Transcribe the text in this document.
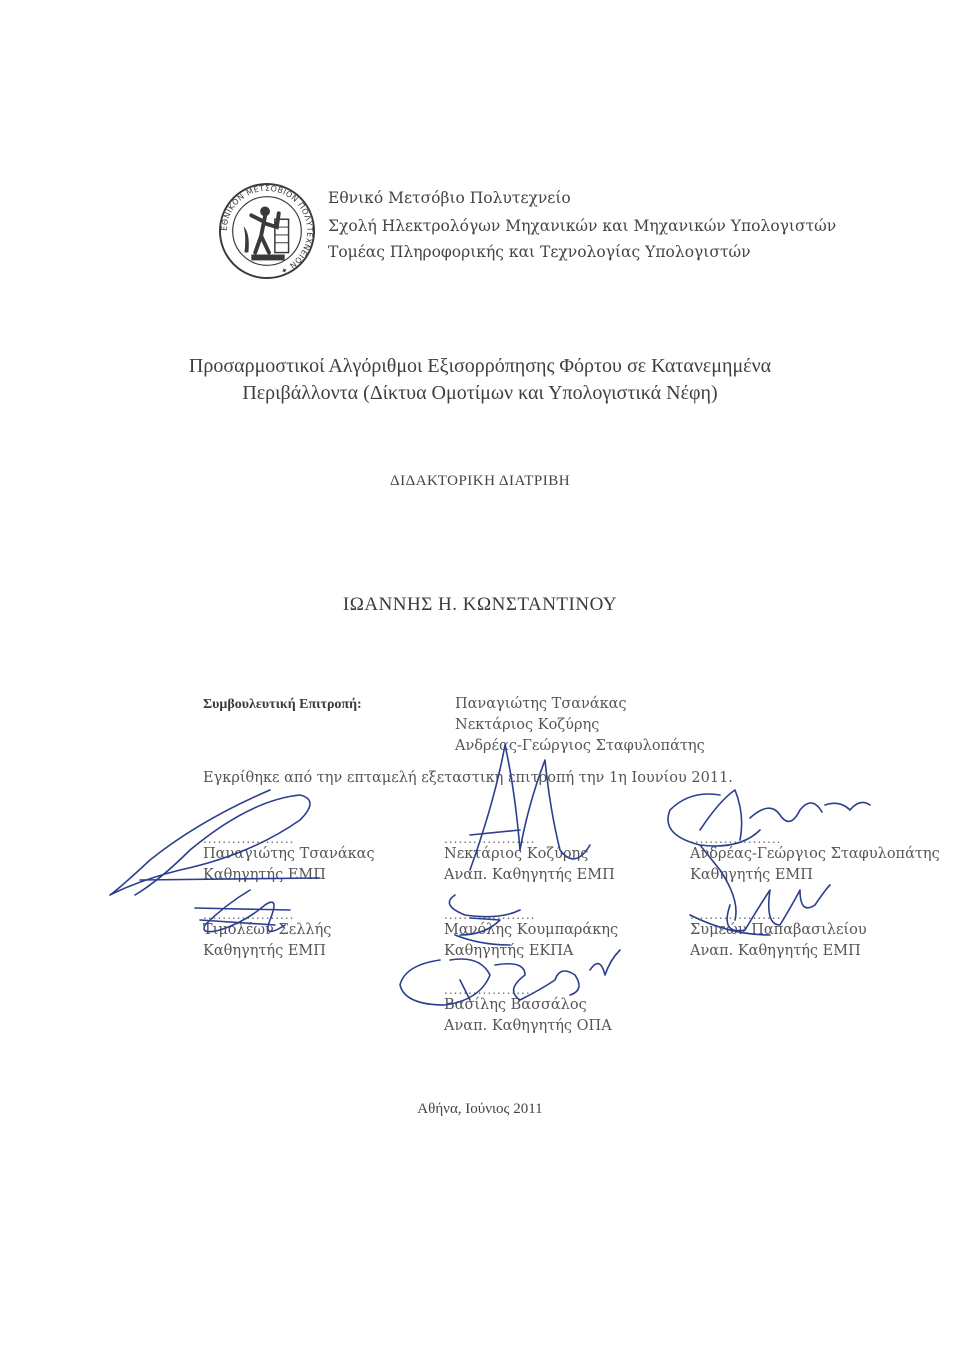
ΕΘΝΙΚΟΝ ΜΕΤΣΟΒΙΟΝ ΠΟΛΥΤΕΧΝΕΙΟΝ ✦
Εθνικό Μετσόβιο Πολυτεχνείο
Σχολή Ηλεκτρολόγων Μηχανικών και Μηχανικών Υπολογιστών
Τομέας Πληροφορικής και Τεχνολογίας Υπολογιστών
Προσαρμοστικοί Αλγόριθμοι Εξισορρόπησης Φόρτου σε Κατανεμημένα
Περιβάλλοντα (Δίκτυα Ομοτίμων και Υπολογιστικά Νέφη)
ΔΙΔΑΚΤΟΡΙΚΗ ΔΙΑΤΡΙΒΗ
ΙΩΑΝΝΗΣ Η. ΚΩΝΣΤΑΝΤΙΝΟΥ
Συμβουλευτική Επιτροπή:	Παναγιώτης Τσανάκας
Νεκτάριος Κοζύρης
Ανδρέας-Γεώργιος Σταφυλοπάτης
Εγκρίθηκε από την επταμελή εξεταστική επιτροπή την 1η Ιουνίου 2011.
...................
Παναγιώτης Τσανάκας
Καθηγητής ΕΜΠ
...................
Νεκτάριος Κοζύρης
Αναπ. Καθηγητής ΕΜΠ
...................
Ανδρέας-Γεώργιος Σταφυλοπάτης
Καθηγητής ΕΜΠ
...................
Τιμολέων Σελλής
Καθηγητής ΕΜΠ
...................
Μανόλης Κουμπαράκης
Καθηγητής ΕΚΠΑ
...................
Συμεών Παπαβασιλείου
Αναπ. Καθηγητής ΕΜΠ
...................
Βασίλης Βασσάλος
Αναπ. Καθηγητής ΟΠΑ
Αθήνα, Ιούνιος 2011
